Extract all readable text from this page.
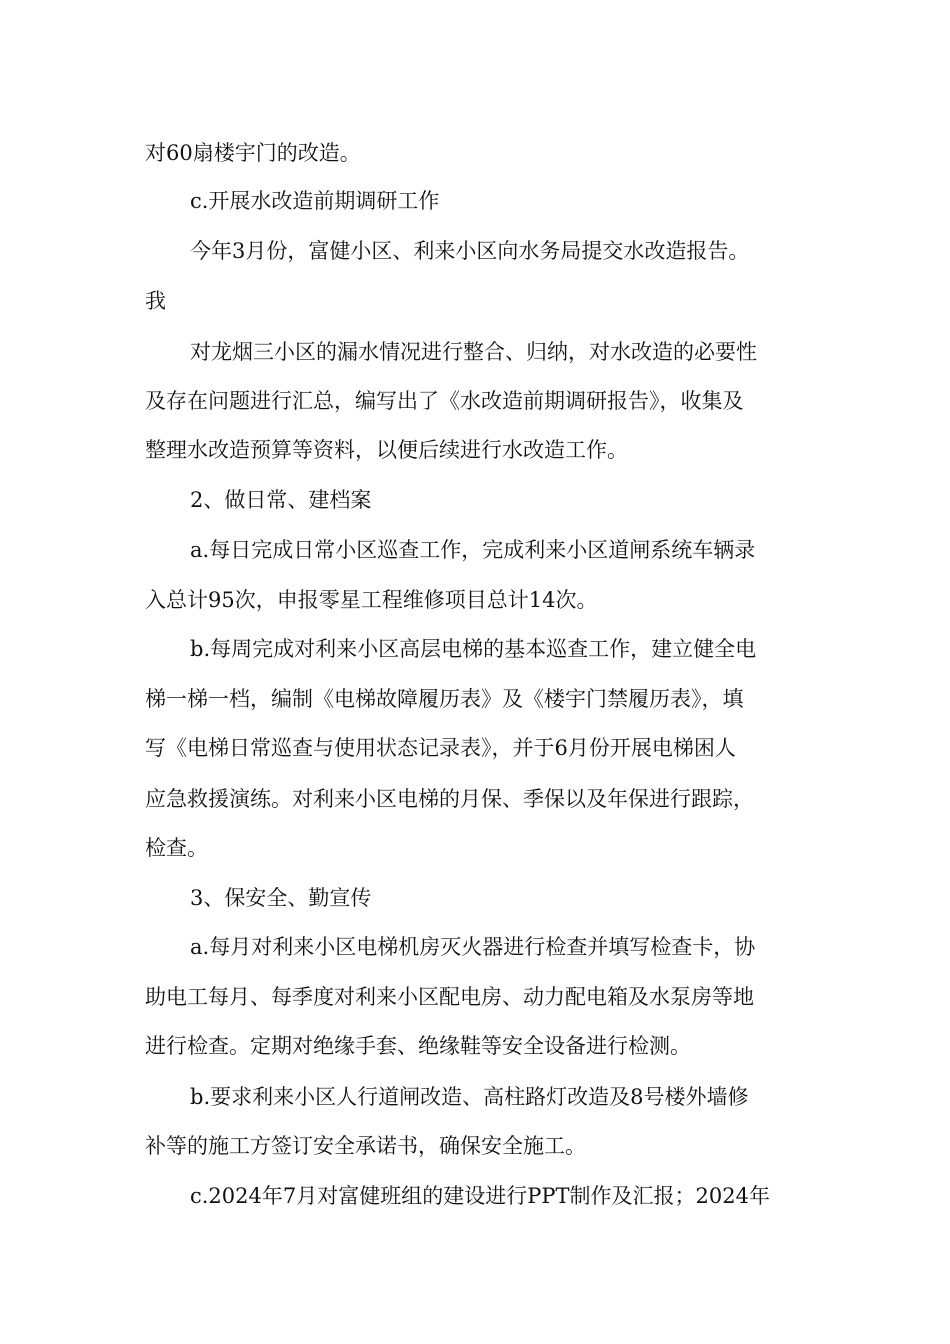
对60扇楼宇门的改造。
c.开展水改造前期调研工作
今年3月份，富健小区、利来小区向水务局提交水改造报告。
我
对龙烟三小区的漏水情况进行整合、归纳，对水改造的必要性
及存在问题进行汇总，编写出了《水改造前期调研报告》，收集及
整理水改造预算等资料，以便后续进行水改造工作。
2、做日常、建档案
a.每日完成日常小区巡查工作，完成利来小区道闸系统车辆录
入总计95次，申报零星工程维修项目总计14次。
b.每周完成对利来小区高层电梯的基本巡查工作，建立健全电
梯一梯一档，编制《电梯故障履历表》及《楼宇门禁履历表》，填
写《电梯日常巡查与使用状态记录表》，并于6月份开展电梯困人
应急救援演练。对利来小区电梯的月保、季保以及年保进行跟踪，
检查。
3、保安全、勤宣传
a.每月对利来小区电梯机房灭火器进行检查并填写检查卡，协
助电工每月、每季度对利来小区配电房、动力配电箱及水泵房等地
进行检查。定期对绝缘手套、绝缘鞋等安全设备进行检测。
b.要求利来小区人行道闸改造、高柱路灯改造及8号楼外墙修
补等的施工方签订安全承诺书，确保安全施工。
c.2024年7月对富健班组的建设进行PPT制作及汇报；2024年
